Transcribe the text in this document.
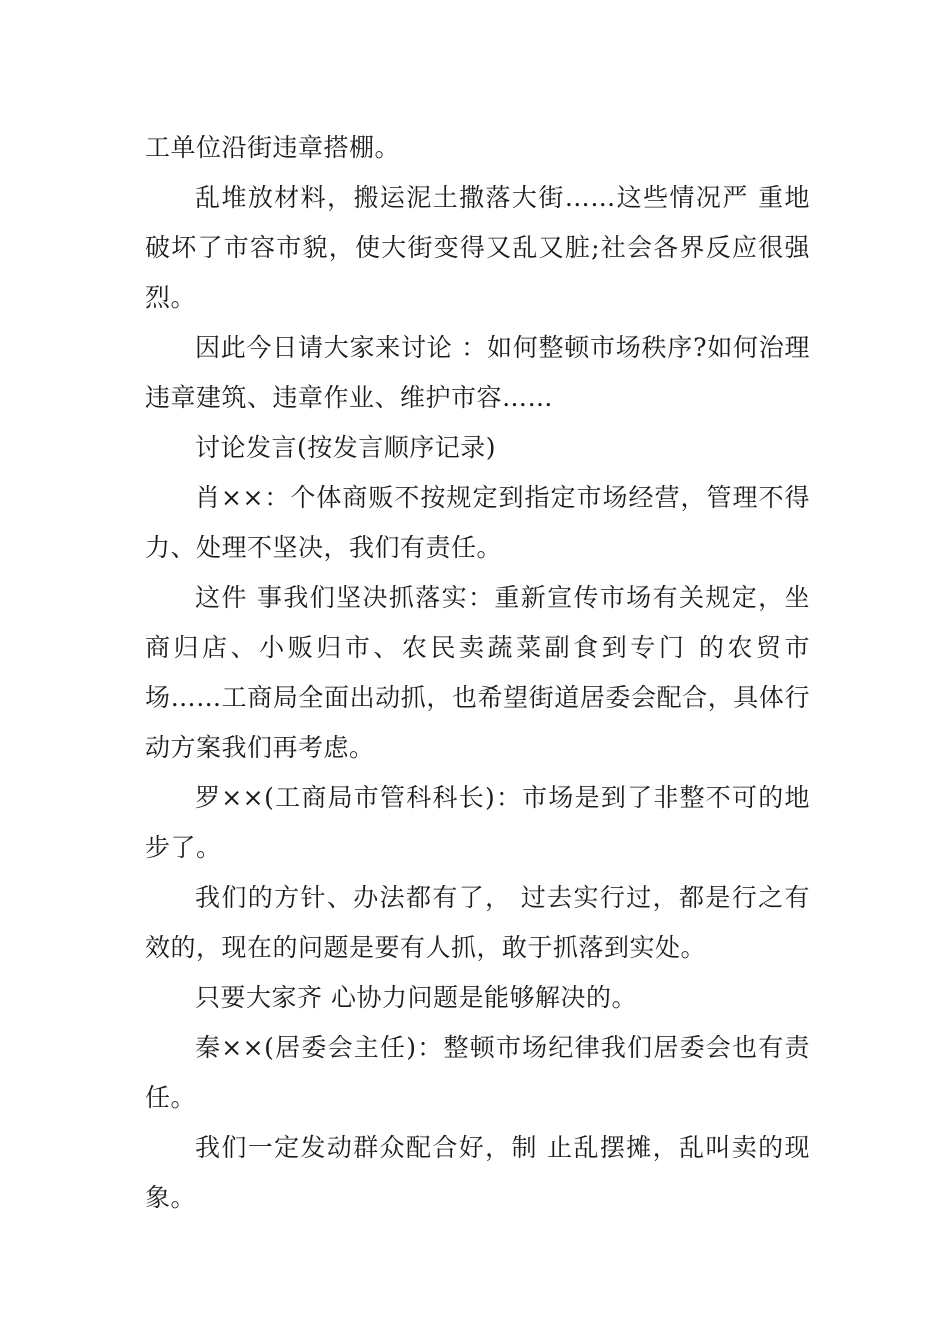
工单位沿街违章搭棚。

乱堆放材料，搬运泥土撒落大街……这些情况严 重地破坏了市容市貌，使大街变得又乱又脏;社会各界反应很强烈。

因此今日请大家来讨论 ：如何整顿市场秩序?如何治理违章建筑、违章作业、维护市容……

讨论发言(按发言顺序记录)

肖××：个体商贩不按规定到指定市场经营，管理不得力、处理不坚决，我们有责任。

这件 事我们坚决抓落实：重新宣传市场有关规定，坐商归店、小贩归市、农民卖蔬菜副食到专门 的农贸市场……工商局全面出动抓，也希望街道居委会配合，具体行动方案我们再考虑。

罗××(工商局市管科科长)：市场是到了非整不可的地步了。

我们的方针、办法都有了， 过去实行过，都是行之有效的，现在的问题是要有人抓，敢于抓落到实处。

只要大家齐 心协力问题是能够解决的。

秦××(居委会主任)：整顿市场纪律我们居委会也有责任。

我们一定发动群众配合好，制 止乱摆摊，乱叫卖的现象。
